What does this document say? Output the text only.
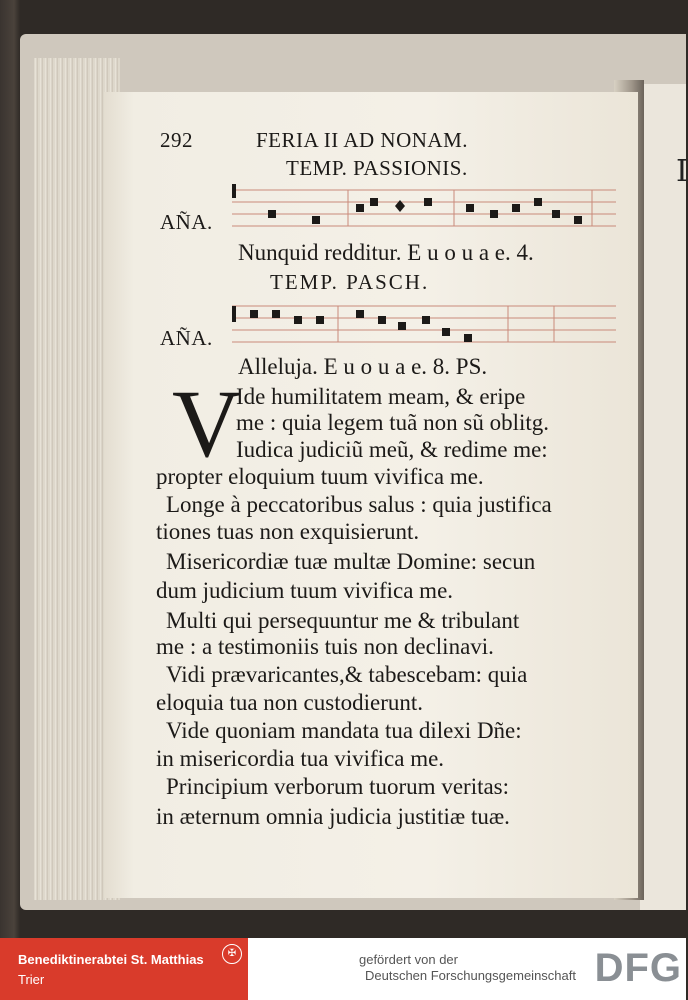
I
292	FERIA II AD NONAM.
TEMP. PASSIONIS.
AÑA.
Nunquid redditur. E u o u a e. 4.
TEMP. PASCH.
AÑA.
Alleluja. E u o u a e. 8. PS.
V
Ide humilitatem meam, & eripe
me : quia legem tuã non sũ oblitg.
Iudica judiciũ meũ, & redime me:
propter eloquium tuum vivifica me.
Longe à peccatoribus salus : quia justifica
tiones tuas non exquisierunt.
Misericordiæ tuæ multæ Domine: secun
dum judicium tuum vivifica me.
Multi qui persequuntur me & tribulant
me : a testimoniis tuis non declinavi.
Vidi prævaricantes,& tabescebam: quia
eloquia tua non custodierunt.
Vide quoniam mandata tua dilexi Dñe:
in misericordia tua vivifica me.
Principium verborum tuorum veritas:
in æternum omnia judicia justitiæ tuæ.
Benediktinerabtei St. Matthias
Trier
✠	gefördert von der
Deutschen Forschungsgemeinschaft DFG
